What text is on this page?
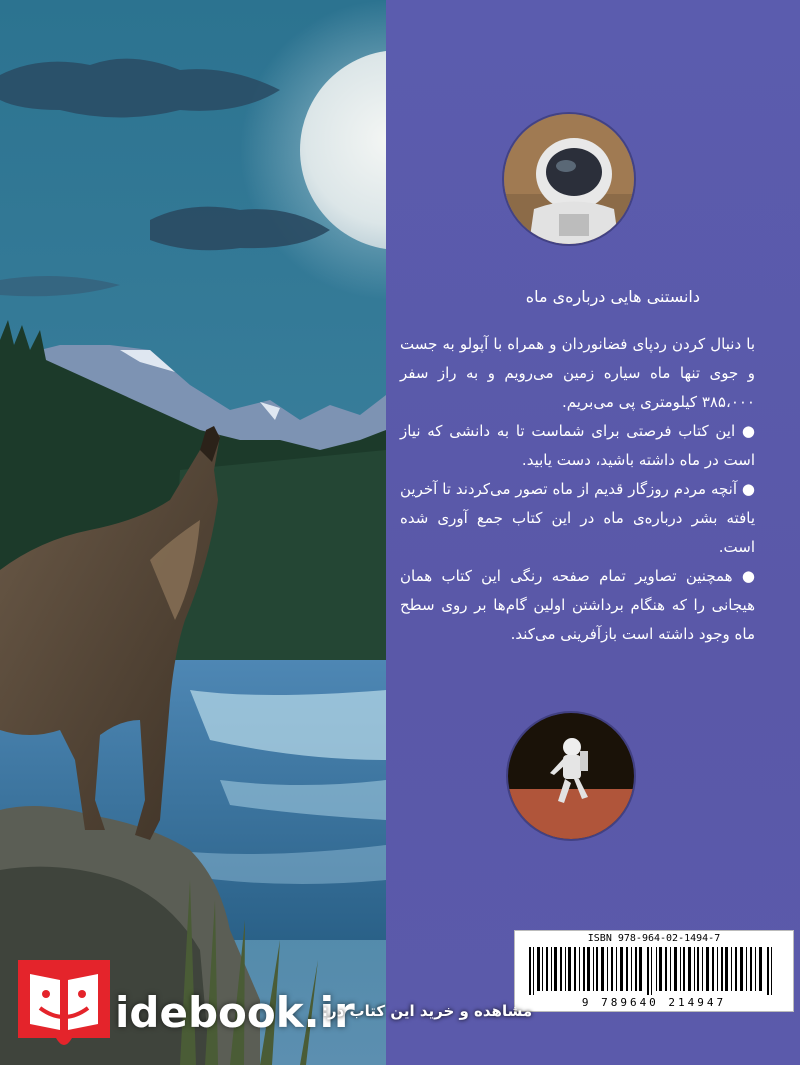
دانستنی هایی درباره‌ی ماه

با دنبال کردن ردپای فضانوردان و همراه با آپولو به جست و جوی تنها ماه سیاره زمین می‌رویم و به راز سفر ۳۸۵،۰۰۰ کیلومتری پی می‌بریم.

● این کتاب فرصتی برای شماست تا به دانشی که نیاز است در ماه داشته باشید، دست یابید.

● آنچه مردم روزگار قدیم از ماه تصور می‌کردند تا آخرین یافته بشر درباره‌ی ماه در این کتاب جمع آوری شده است.

● همچنین تصاویر تمام صفحه رنگی این کتاب همان هیجانی را که هنگام برداشتن اولین گام‌ها بر روی سطح ماه وجود داشته است بازآفرینی می‌کند.

ISBN 978-964-02-1494-7
9 789640 214947
idebook.ir
مشاهده و خرید این کتاب در:
